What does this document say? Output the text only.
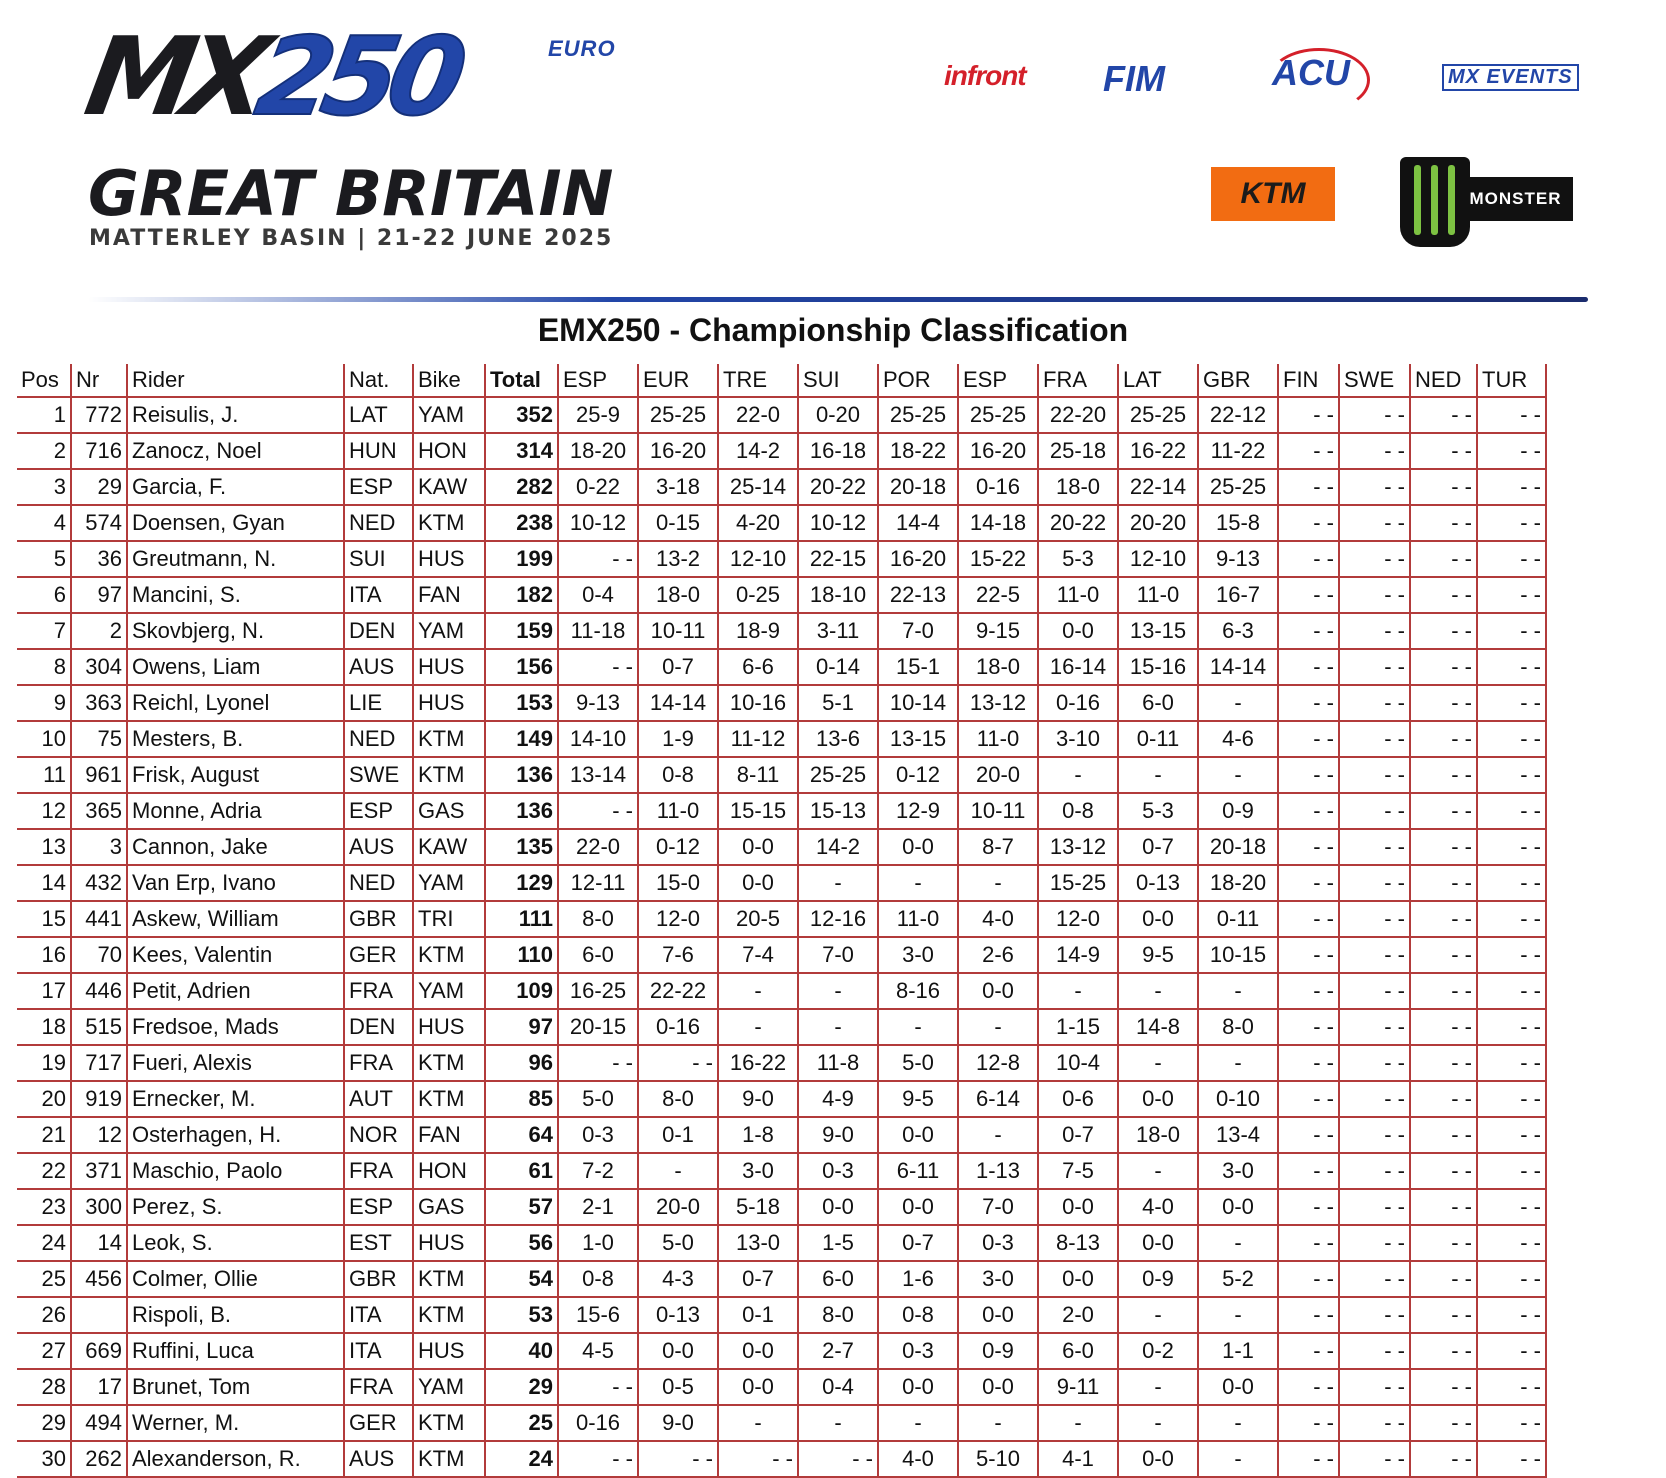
MX250	EURO
GREAT BRITAIN
MATTERLEY BASIN | 21-22 JUNE 2025
infront FIM	ACU	MX EVENTS
KTM	MONSTER
EMX250 - Championship Classification
Pos	Nr	Rider	Nat.	Bike	Total	ESP	EUR	TRE	SUI	POR	ESP	FRA	LAT	GBR	FIN	SWE	NED	TUR
1	772	Reisulis, J.	LAT	YAM	352	25-9	25-25	22-0	0-20	25-25	25-25	22-20	25-25	22-12	- -	- -	- -	- -
2	716	Zanocz, Noel	HUN	HON	314	18-20	16-20	14-2	16-18	18-22	16-20	25-18	16-22	11-22	- -	- -	- -	- -
3	29	Garcia, F.	ESP	KAW	282	0-22	3-18	25-14	20-22	20-18	0-16	18-0	22-14	25-25	- -	- -	- -	- -
4	574	Doensen, Gyan	NED	KTM	238	10-12	0-15	4-20	10-12	14-4	14-18	20-22	20-20	15-8	- -	- -	- -	- -
5	36	Greutmann, N.	SUI	HUS	199	- -	13-2	12-10	22-15	16-20	15-22	5-3	12-10	9-13	- -	- -	- -	- -
6	97	Mancini, S.	ITA	FAN	182	0-4	18-0	0-25	18-10	22-13	22-5	11-0	11-0	16-7	- -	- -	- -	- -
7	2	Skovbjerg, N.	DEN	YAM	159	11-18	10-11	18-9	3-11	7-0	9-15	0-0	13-15	6-3	- -	- -	- -	- -
8	304	Owens, Liam	AUS	HUS	156	- -	0-7	6-6	0-14	15-1	18-0	16-14	15-16	14-14	- -	- -	- -	- -
9	363	Reichl, Lyonel	LIE	HUS	153	9-13	14-14	10-16	5-1	10-14	13-12	0-16	6-0	-	- -	- -	- -	- -
10	75	Mesters, B.	NED	KTM	149	14-10	1-9	11-12	13-6	13-15	11-0	3-10	0-11	4-6	- -	- -	- -	- -
11	961	Frisk, August	SWE	KTM	136	13-14	0-8	8-11	25-25	0-12	20-0	-	-	-	- -	- -	- -	- -
12	365	Monne, Adria	ESP	GAS	136	- -	11-0	15-15	15-13	12-9	10-11	0-8	5-3	0-9	- -	- -	- -	- -
13	3	Cannon, Jake	AUS	KAW	135	22-0	0-12	0-0	14-2	0-0	8-7	13-12	0-7	20-18	- -	- -	- -	- -
14	432	Van Erp, Ivano	NED	YAM	129	12-11	15-0	0-0	-	-	-	15-25	0-13	18-20	- -	- -	- -	- -
15	441	Askew, William	GBR	TRI	111	8-0	12-0	20-5	12-16	11-0	4-0	12-0	0-0	0-11	- -	- -	- -	- -
16	70	Kees, Valentin	GER	KTM	110	6-0	7-6	7-4	7-0	3-0	2-6	14-9	9-5	10-15	- -	- -	- -	- -
17	446	Petit, Adrien	FRA	YAM	109	16-25	22-22	-	-	8-16	0-0	-	-	-	- -	- -	- -	- -
18	515	Fredsoe, Mads	DEN	HUS	97	20-15	0-16	-	-	-	-	1-15	14-8	8-0	- -	- -	- -	- -
19	717	Fueri, Alexis	FRA	KTM	96	- -	- -	16-22	11-8	5-0	12-8	10-4	-	-	- -	- -	- -	- -
20	919	Ernecker, M.	AUT	KTM	85	5-0	8-0	9-0	4-9	9-5	6-14	0-6	0-0	0-10	- -	- -	- -	- -
21	12	Osterhagen, H.	NOR	FAN	64	0-3	0-1	1-8	9-0	0-0	-	0-7	18-0	13-4	- -	- -	- -	- -
22	371	Maschio, Paolo	FRA	HON	61	7-2	-	3-0	0-3	6-11	1-13	7-5	-	3-0	- -	- -	- -	- -
23	300	Perez, S.	ESP	GAS	57	2-1	20-0	5-18	0-0	0-0	7-0	0-0	4-0	0-0	- -	- -	- -	- -
24	14	Leok, S.	EST	HUS	56	1-0	5-0	13-0	1-5	0-7	0-3	8-13	0-0	-	- -	- -	- -	- -
25	456	Colmer, Ollie	GBR	KTM	54	0-8	4-3	0-7	6-0	1-6	3-0	0-0	0-9	5-2	- -	- -	- -	- -
26		Rispoli, B.	ITA	KTM	53	15-6	0-13	0-1	8-0	0-8	0-0	2-0	-	-	- -	- -	- -	- -
27	669	Ruffini, Luca	ITA	HUS	40	4-5	0-0	0-0	2-7	0-3	0-9	6-0	0-2	1-1	- -	- -	- -	- -
28	17	Brunet, Tom	FRA	YAM	29	- -	0-5	0-0	0-4	0-0	0-0	9-11	-	0-0	- -	- -	- -	- -
29	494	Werner, M.	GER	KTM	25	0-16	9-0	-	-	-	-	-	-	-	- -	- -	- -	- -
30	262	Alexanderson, R.	AUS	KTM	24	- -	- -	- -	- -	4-0	5-10	4-1	0-0	-	- -	- -	- -	- -
